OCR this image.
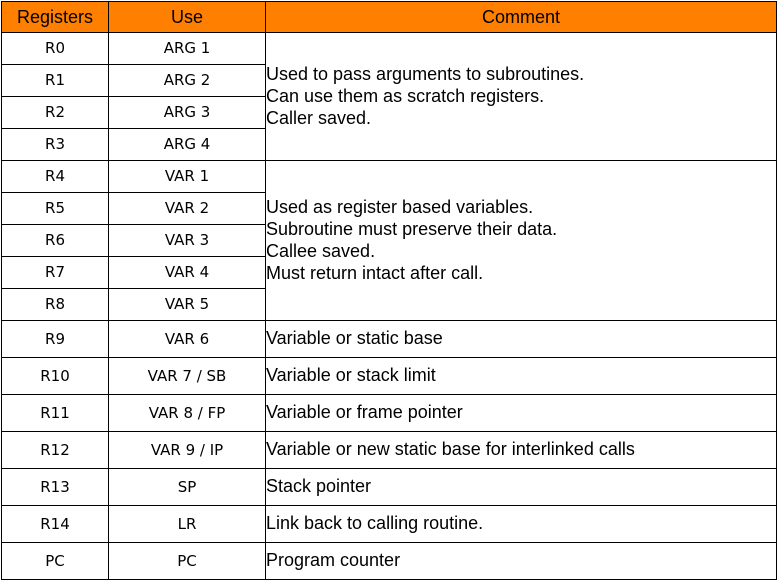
Registers	Use	Comment
R0	ARG 1	Used to pass arguments to subroutines.
Can use them as scratch registers.
Caller saved.

R1	ARG 2	
R2	ARG 3	
R3	ARG 4	
R4	VAR 1	Used as register based variables.
Subroutine must preserve their data.
Callee saved.
Must return intact after call.

R5	VAR 2	
R6	VAR 3	
R7	VAR 4	
R8	VAR 5	
R9	VAR 6	Variable or static base
R10	VAR 7 / SB	Variable or stack limit
R11	VAR 8 / FP	Variable or frame pointer
R12	VAR 9 / IP	Variable or new static base for interlinked calls
R13	SP	Stack pointer
R14	LR	Link back to calling routine.
PC	PC	Program counter
